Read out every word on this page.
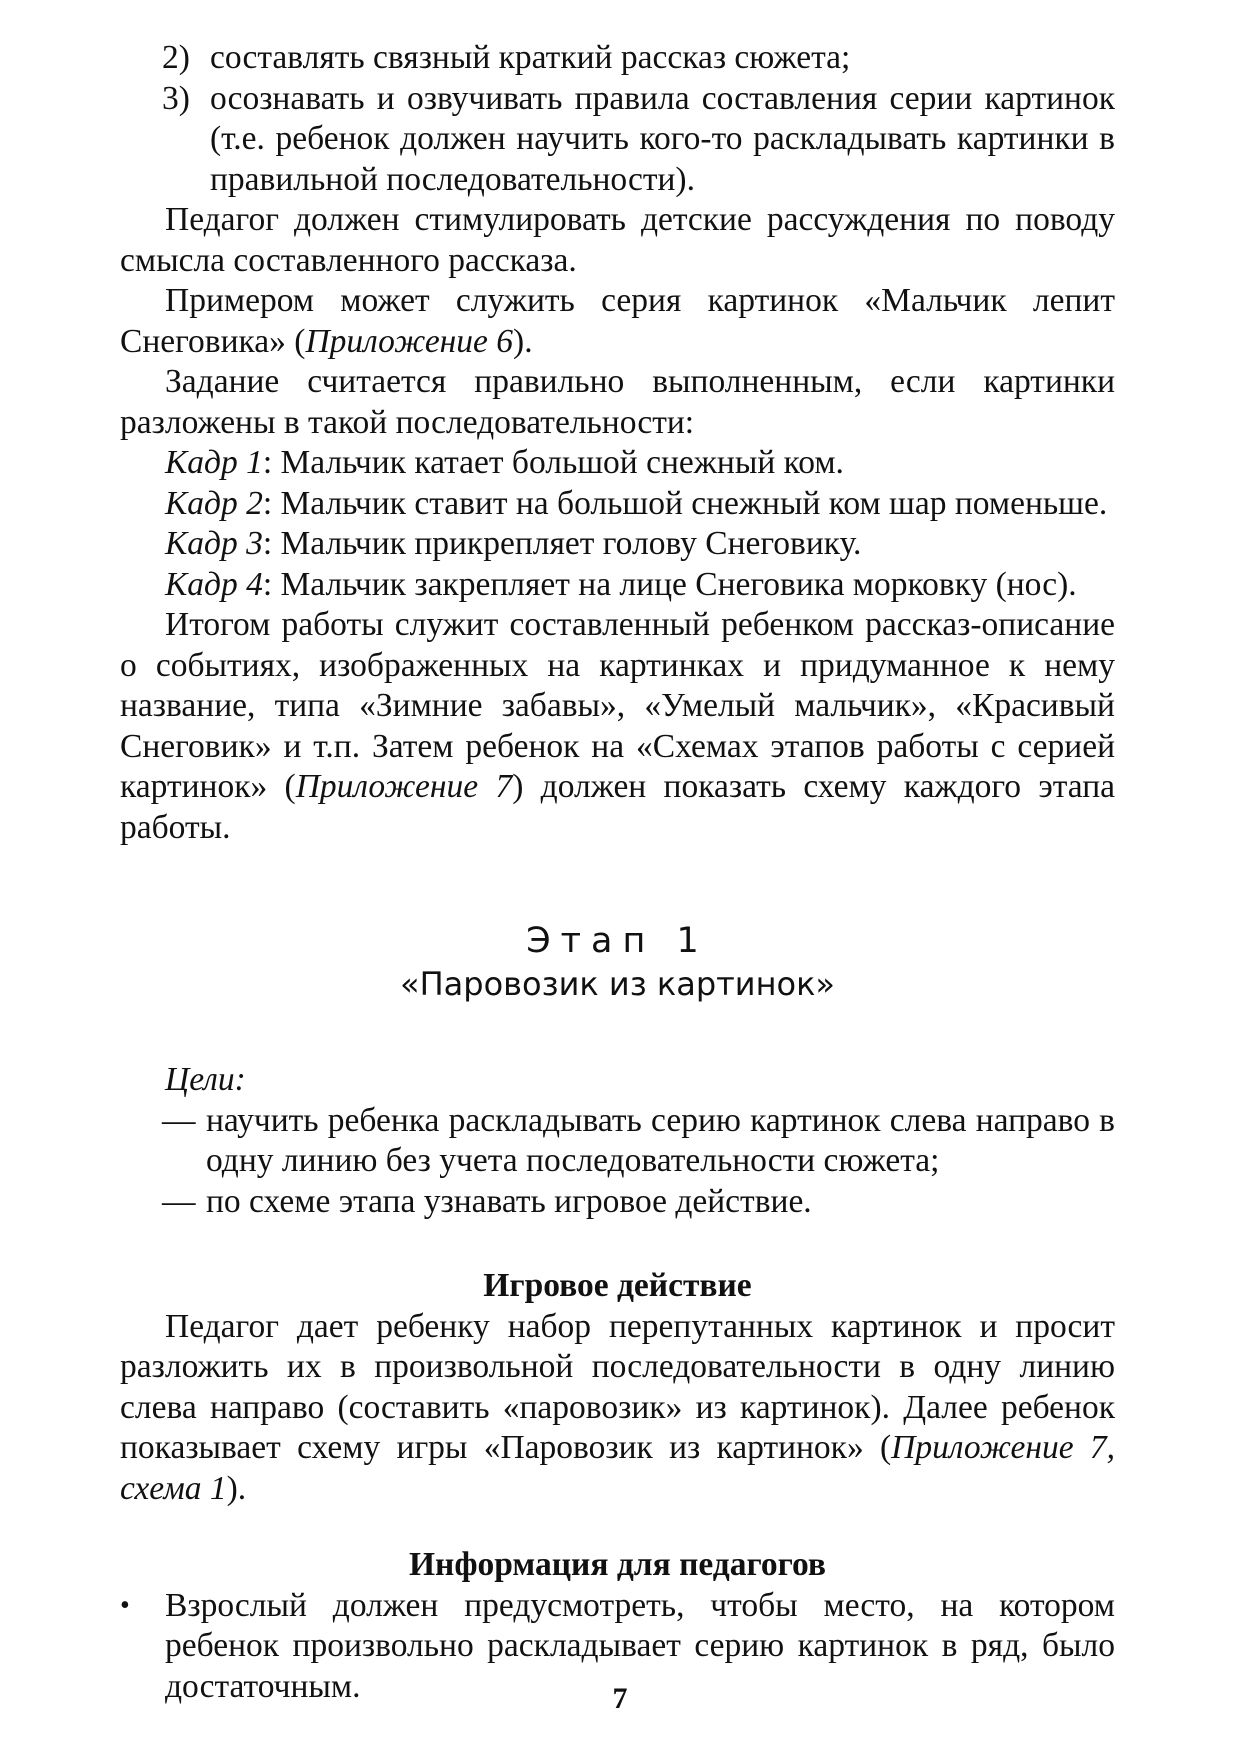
2) составлять связный краткий рассказ сюжета;
3) осознавать и озвучивать правила составления серии картинок (т.е. ребенок должен научить кого-то раскладывать картинки в правильной последовательности).

Педагог должен стимулировать детские рассуждения по поводу смысла составленного рассказа.

Примером может служить серия картинок «Мальчик лепит Снеговика» (Приложение 6).

Задание считается правильно выполненным, если картинки разложены в такой последовательности:

Кадр 1: Мальчик катает большой снежный ком.
Кадр 2: Мальчик ставит на большой снежный ком шар поменьше.
Кадр 3: Мальчик прикрепляет голову Снеговику.
Кадр 4: Мальчик закрепляет на лице Снеговика морковку (нос).

Итогом работы служит составленный ребенком рассказ-описание о событиях, изображенных на картинках и придуманное к нему название, типа «Зимние забавы», «Умелый мальчик», «Красивый Снеговик» и т.п. Затем ребенок на «Схемах этапов работы с серией картинок» (Приложение 7) должен показать схему каждого этапа работы.

Этап 1
«Паровозик из картинок»
Цели:
— научить ребенка раскладывать серию картинок слева направо в одну линию без учета последовательности сюжета;
— по схеме этапа узнавать игровое действие.
Игровое действие

Педагог дает ребенку набор перепутанных картинок и просит разложить их в произвольной последовательности в одну линию слева направо (составить «паровозик» из картинок). Далее ребенок показывает схему игры «Паровозик из картинок» (Приложение 7, схема 1).

Информация для педагогов
• Взрослый должен предусмотреть, чтобы место, на котором ребенок произвольно раскладывает серию картинок в ряд, было достаточным.	7
